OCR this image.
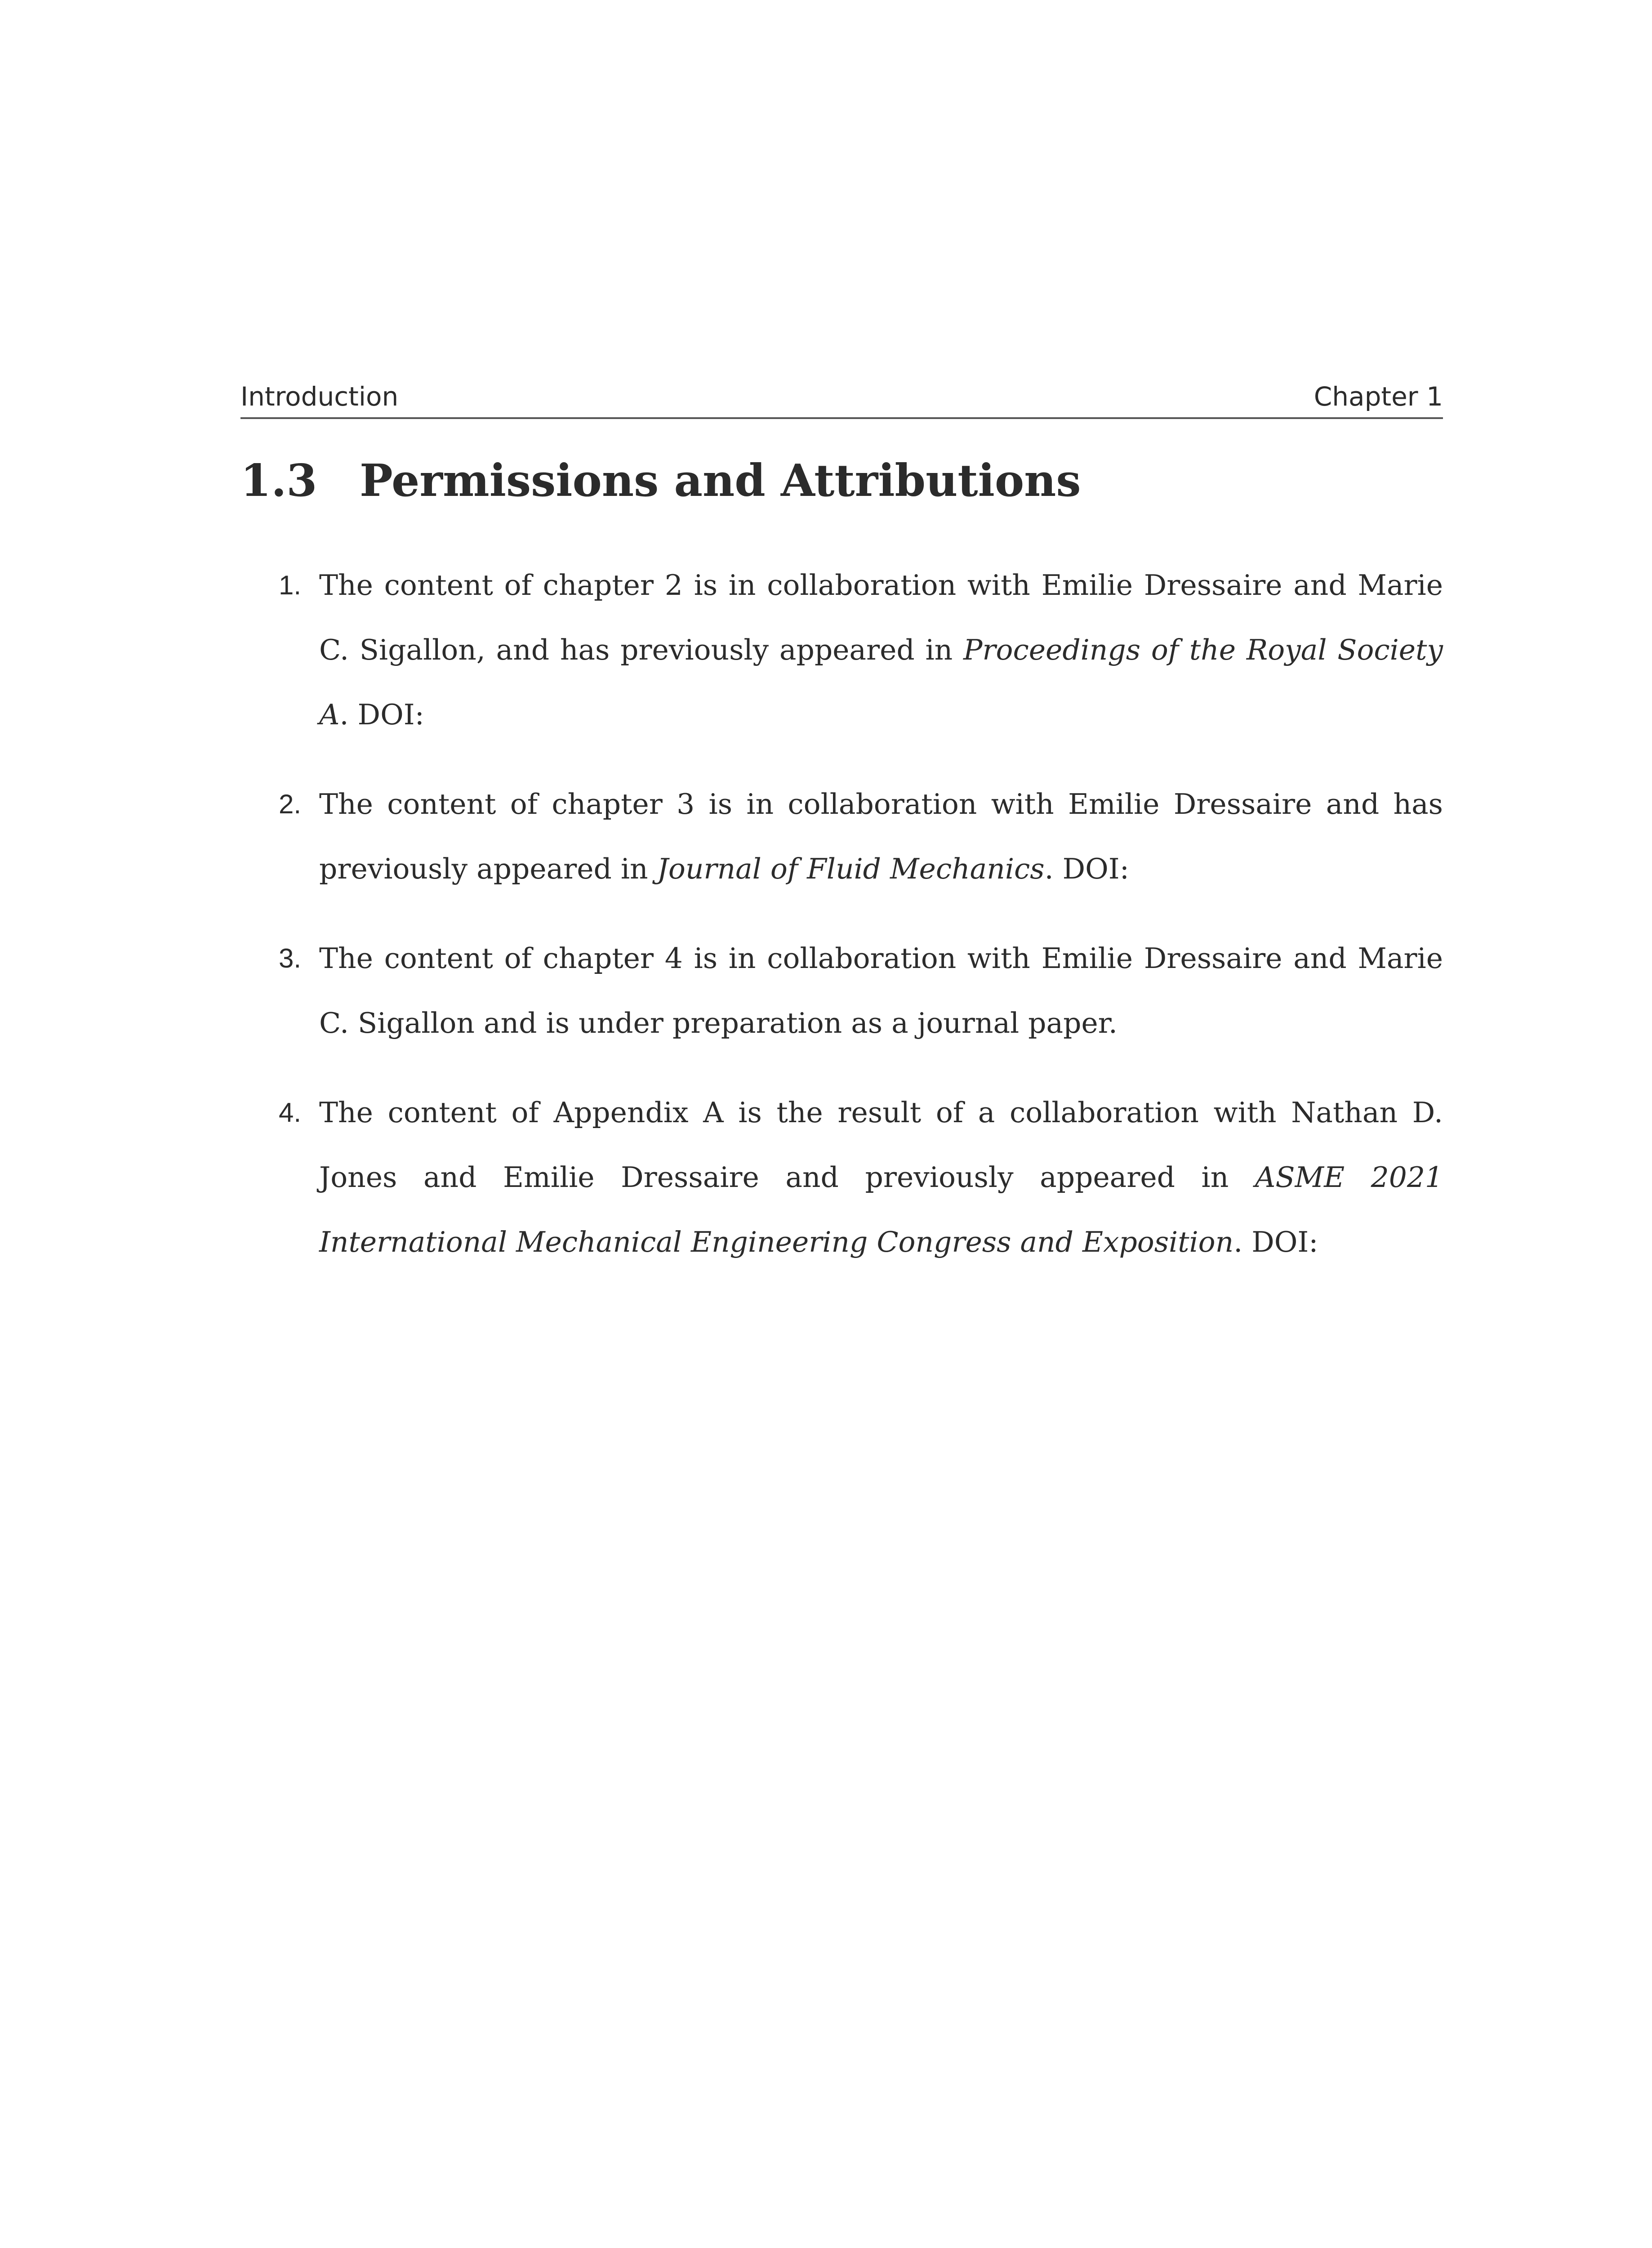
Introduction	Chapter 1
1.3 Permissions and Attributions
1. The content of chapter 2 is in collaboration with Emilie Dressaire and Marie C. Sigallon, and has previously appeared in Proceedings of the Royal Society A. DOI:
2. The content of chapter 3 is in collaboration with Emilie Dressaire and has previously appeared in Journal of Fluid Mechanics. DOI:
3. The content of chapter 4 is in collaboration with Emilie Dressaire and Marie C. Sigallon and is under preparation as a journal paper.
4. The content of Appendix A is the result of a collaboration with Nathan D. Jones and Emilie Dressaire and previously appeared in ASME 2021 International Mechanical Engineering Congress and Exposition. DOI:
